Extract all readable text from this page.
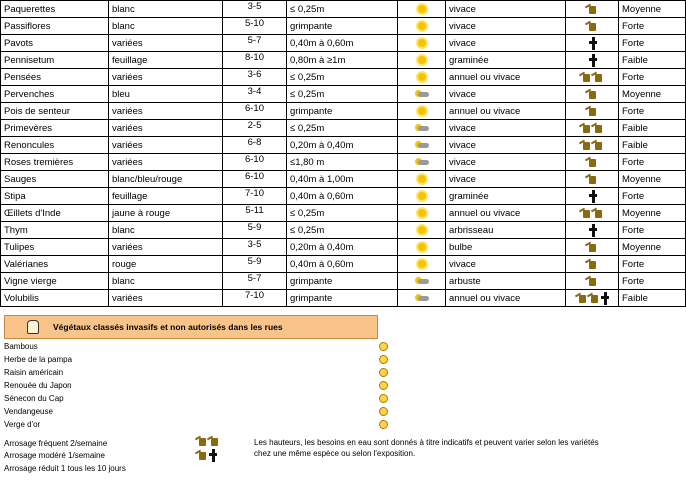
Paquerettes	blanc	3-5	≤ 0,25m		vivace		Moyenne
Passiflores	blanc	5-10	grimpante		vivace		Forte
Pavots	variées	5-7	0,40m à 0,60m		vivace		Forte
Pennisetum	feuillage	8-10	0,80m à ≥1m		graminée		Faible
Pensées	variées	3-6	≤ 0,25m		annuel ou vivace		Forte
Pervenches	bleu	3-4	≤ 0,25m		vivace		Moyenne
Pois de senteur	variées	6-10	grimpante		annuel ou vivace		Forte
Primevères	variées	2-5	≤ 0,25m		vivace		Faible
Renoncules	variées	6-8	0,20m à 0,40m		vivace		Faible
Roses tremières	variées	6-10	≤1,80 m		vivace		Forte
Sauges	blanc/bleu/rouge	6-10	0,40m à 1,00m		vivace		Moyenne
Stipa	feuillage	7-10	0,40m à 0,60m		graminée		Forte
Œillets d'Inde	jaune à rouge	5-11	≤ 0,25m		annuel ou vivace		Moyenne
Thym	blanc	5-9	≤ 0,25m		arbrisseau		Forte
Tulipes	variées	3-5	0,20m à 0,40m		bulbe		Moyenne
Valérianes	rouge	5-9	0,40m à 0,60m		vivace		Forte
Vigne vierge	blanc	5-7	grimpante		arbuste		Forte
Volubilis	variées	7-10	grimpante		annuel ou vivace		Faible
Végétaux classés invasifs et non autorisés dans les rues
Bambous
Herbe de la pampa
Raisin américain
Renouée du Japon
Sénecon du Cap
Vendangeuse
Verge d'or
Arrosage fréquent 2/semaine
Arrosage modéré 1/semaine
Arrosage réduit 1 tous les 10 jours
Les hauteurs, les besoins en eau sont donnés à titre indicatifs et peuvent varier selon les variétés chez une même espèce ou selon l'exposition.
